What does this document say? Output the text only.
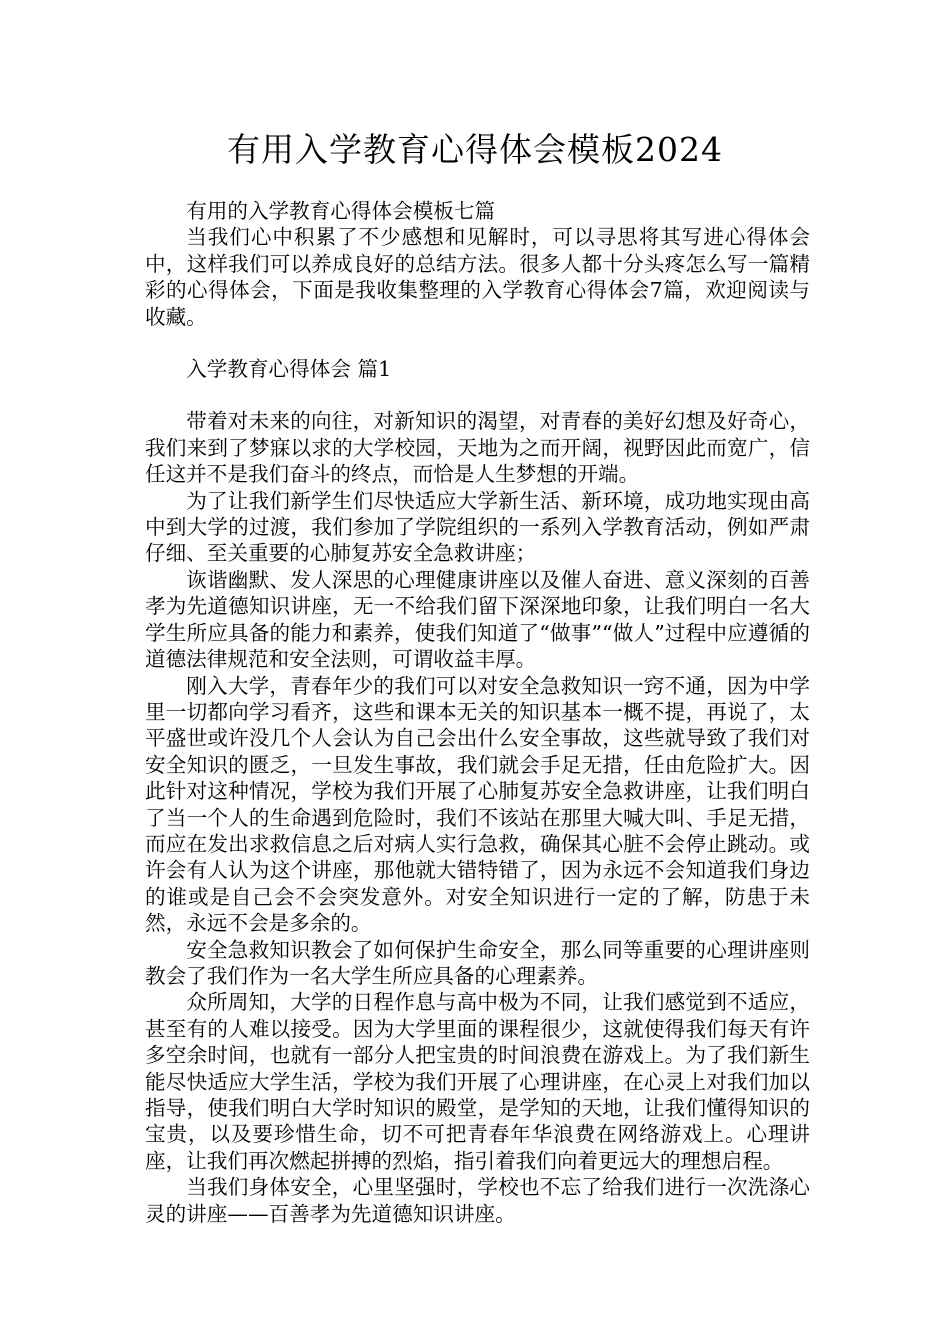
有用入学教育心得体会模板2024

有用的入学教育心得体会模板七篇

当我们心中积累了不少感想和见解时，可以寻思将其写进心得体会中，这样我们可以养成良好的总结方法。很多人都十分头疼怎么写一篇精彩的心得体会，下面是我收集整理的入学教育心得体会7篇，欢迎阅读与收藏。

入学教育心得体会 篇1

带着对未来的向往，对新知识的渴望，对青春的美好幻想及好奇心，我们来到了梦寐以求的大学校园，天地为之而开阔，视野因此而宽广，信任这并不是我们奋斗的终点，而恰是人生梦想的开端。

为了让我们新学生们尽快适应大学新生活、新环境，成功地实现由高中到大学的过渡，我们参加了学院组织的一系列入学教育活动，例如严肃仔细、至关重要的心肺复苏安全急救讲座；

诙谐幽默、发人深思的心理健康讲座以及催人奋进、意义深刻的百善孝为先道德知识讲座，无一不给我们留下深深地印象，让我们明白一名大学生所应具备的能力和素养，使我们知道了“做事”“做人”过程中应遵循的道德法律规范和安全法则，可谓收益丰厚。

刚入大学，青春年少的我们可以对安全急救知识一窍不通，因为中学里一切都向学习看齐，这些和课本无关的知识基本一概不提，再说了，太平盛世或许没几个人会认为自己会出什么安全事故，这些就导致了我们对安全知识的匮乏，一旦发生事故，我们就会手足无措，任由危险扩大。因此针对这种情况，学校为我们开展了心肺复苏安全急救讲座，让我们明白了当一个人的生命遇到危险时，我们不该站在那里大喊大叫、手足无措，而应在发出求救信息之后对病人实行急救，确保其心脏不会停止跳动。或许会有人认为这个讲座，那他就大错特错了，因为永远不会知道我们身边的谁或是自己会不会突发意外。对安全知识进行一定的了解，防患于未然，永远不会是多余的。

安全急救知识教会了如何保护生命安全，那么同等重要的心理讲座则教会了我们作为一名大学生所应具备的心理素养。

众所周知，大学的日程作息与高中极为不同，让我们感觉到不适应，甚至有的人难以接受。因为大学里面的课程很少，这就使得我们每天有许多空余时间，也就有一部分人把宝贵的时间浪费在游戏上。为了我们新生能尽快适应大学生活，学校为我们开展了心理讲座，在心灵上对我们加以指导，使我们明白大学时知识的殿堂，是学知的天地，让我们懂得知识的宝贵，以及要珍惜生命，切不可把青春年华浪费在网络游戏上。心理讲座，让我们再次燃起拼搏的烈焰，指引着我们向着更远大的理想启程。

当我们身体安全，心里坚强时，学校也不忘了给我们进行一次洗涤心灵的讲座——百善孝为先道德知识讲座。
